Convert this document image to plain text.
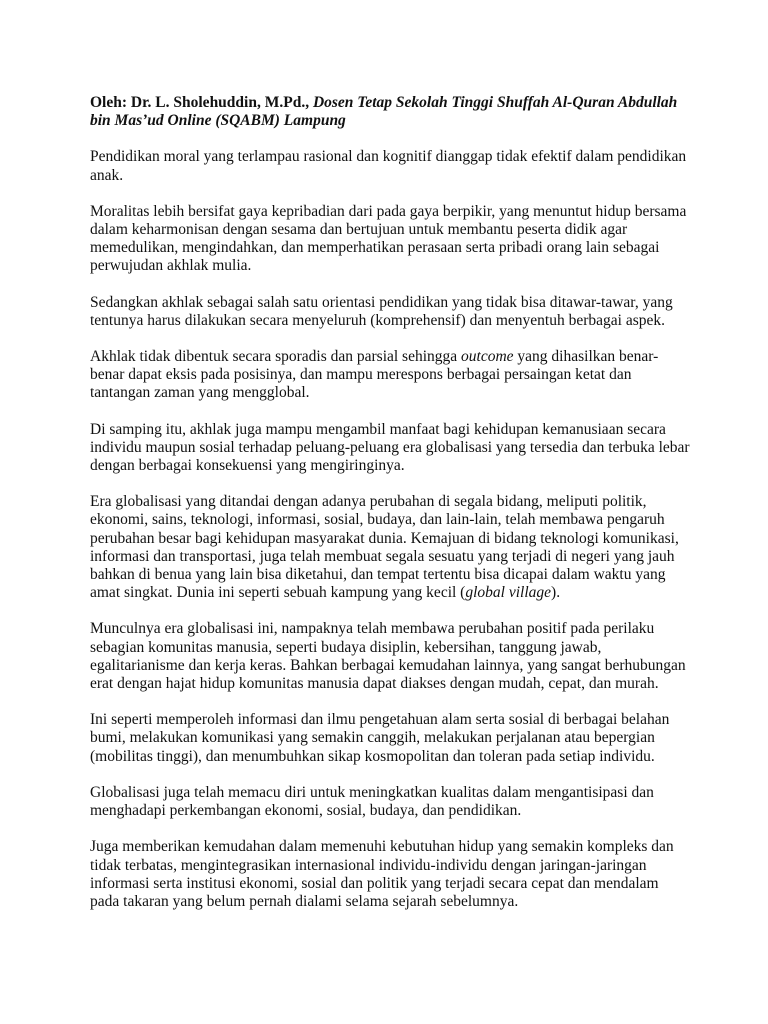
Oleh: Dr. L. Sholehuddin, M.Pd., Dosen Tetap Sekolah Tinggi Shuffah Al-Quran Abdullah bin Mas’ud Online (SQABM) Lampung

Pendidikan moral yang terlampau rasional dan kognitif dianggap tidak efektif dalam pendidikan anak.

Moralitas lebih bersifat gaya kepribadian dari pada gaya berpikir, yang menuntut hidup bersama dalam keharmonisan dengan sesama dan bertujuan untuk membantu peserta didik agar memedulikan, mengindahkan, dan memperhatikan perasaan serta pribadi orang lain sebagai perwujudan akhlak mulia.

Sedangkan akhlak sebagai salah satu orientasi pendidikan yang tidak bisa ditawar-tawar, yang tentunya harus dilakukan secara menyeluruh (komprehensif) dan menyentuh berbagai aspek.

Akhlak tidak dibentuk secara sporadis dan parsial sehingga outcome yang dihasilkan benar-benar dapat eksis pada posisinya, dan mampu merespons berbagai persaingan ketat dan tantangan zaman yang mengglobal.

Di samping itu, akhlak juga mampu mengambil manfaat bagi kehidupan kemanusiaan secara individu maupun sosial terhadap peluang-peluang era globalisasi yang tersedia dan terbuka lebar dengan berbagai konsekuensi yang mengiringinya.

Era globalisasi yang ditandai dengan adanya perubahan di segala bidang, meliputi politik, ekonomi, sains, teknologi, informasi, sosial, budaya, dan lain-lain, telah membawa pengaruh perubahan besar bagi kehidupan masyarakat dunia. Kemajuan di bidang teknologi komunikasi, informasi dan transportasi, juga telah membuat segala sesuatu yang terjadi di negeri yang jauh bahkan di benua yang lain bisa diketahui, dan tempat tertentu bisa dicapai dalam waktu yang amat singkat. Dunia ini seperti sebuah kampung yang kecil (global village).

Munculnya era globalisasi ini, nampaknya telah membawa perubahan positif pada perilaku sebagian komunitas manusia, seperti budaya disiplin, kebersihan, tanggung jawab, egalitarianisme dan kerja keras. Bahkan berbagai kemudahan lainnya, yang sangat berhubungan erat dengan hajat hidup komunitas manusia dapat diakses dengan mudah, cepat, dan murah.

Ini seperti memperoleh informasi dan ilmu pengetahuan alam serta sosial di berbagai belahan bumi, melakukan komunikasi yang semakin canggih, melakukan perjalanan atau bepergian (mobilitas tinggi), dan menumbuhkan sikap kosmopolitan dan toleran pada setiap individu.

Globalisasi juga telah memacu diri untuk meningkatkan kualitas dalam mengantisipasi dan menghadapi perkembangan ekonomi, sosial, budaya, dan pendidikan.

Juga memberikan kemudahan dalam memenuhi kebutuhan hidup yang semakin kompleks dan tidak terbatas, mengintegrasikan internasional individu-individu dengan jaringan-jaringan informasi serta institusi ekonomi, sosial dan politik yang terjadi secara cepat dan mendalam pada takaran yang belum pernah dialami selama sejarah sebelumnya.
